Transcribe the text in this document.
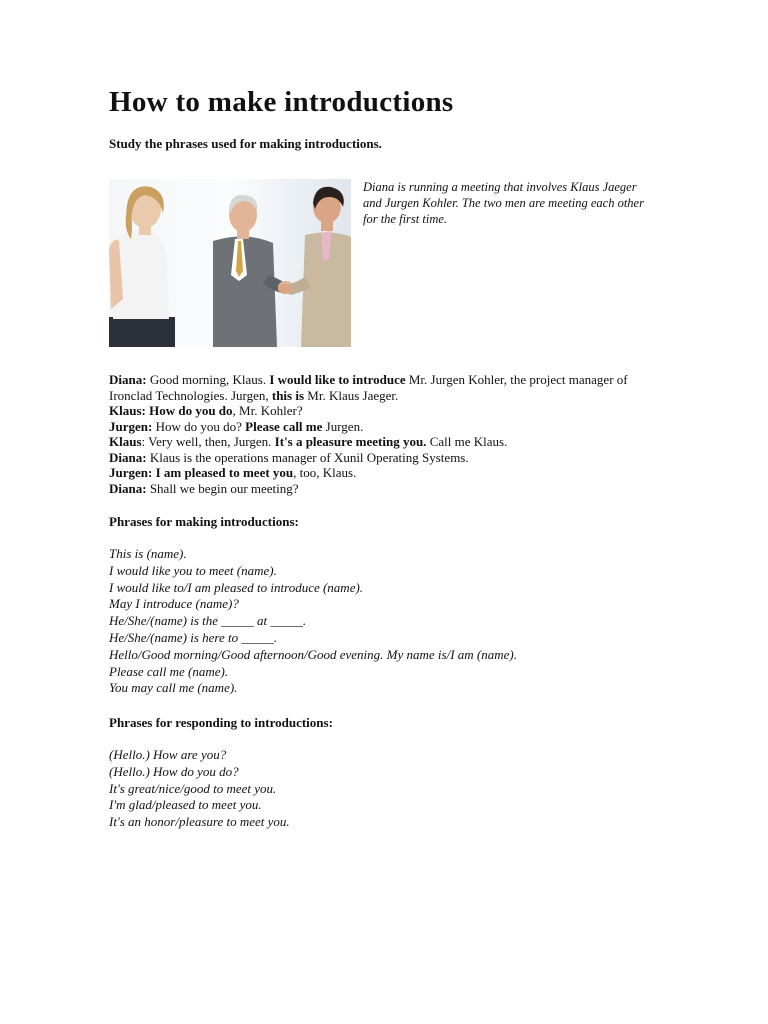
How to make introductions
Study the phrases used for making introductions.
Diana is running a meeting that involves Klaus Jaeger and Jurgen Kohler. The two men are meeting each other for the first time.

Diana: Good morning, Klaus. I would like to introduce Mr. Jurgen Kohler, the project manager of Ironclad Technologies. Jurgen, this is Mr. Klaus Jaeger.

Klaus: How do you do, Mr. Kohler?

Jurgen: How do you do? Please call me Jurgen.

Klaus: Very well, then, Jurgen. It's a pleasure meeting you. Call me Klaus.

Diana: Klaus is the operations manager of Xunil Operating Systems.

Jurgen: I am pleased to meet you, too, Klaus.

Diana: Shall we begin our meeting?

Phrases for making introductions:
This is (name).
I would like you to meet (name).
I would like to/I am pleased to introduce (name).
May I introduce (name)?
He/She/(name) is the _____ at _____.
He/She/(name) is here to _____.
Hello/Good morning/Good afternoon/Good evening. My name is/I am (name).
Please call me (name).
You may call me (name).
Phrases for responding to introductions:
(Hello.) How are you?
(Hello.) How do you do?
It's great/nice/good to meet you.
I'm glad/pleased to meet you.
It's an honor/pleasure to meet you.
